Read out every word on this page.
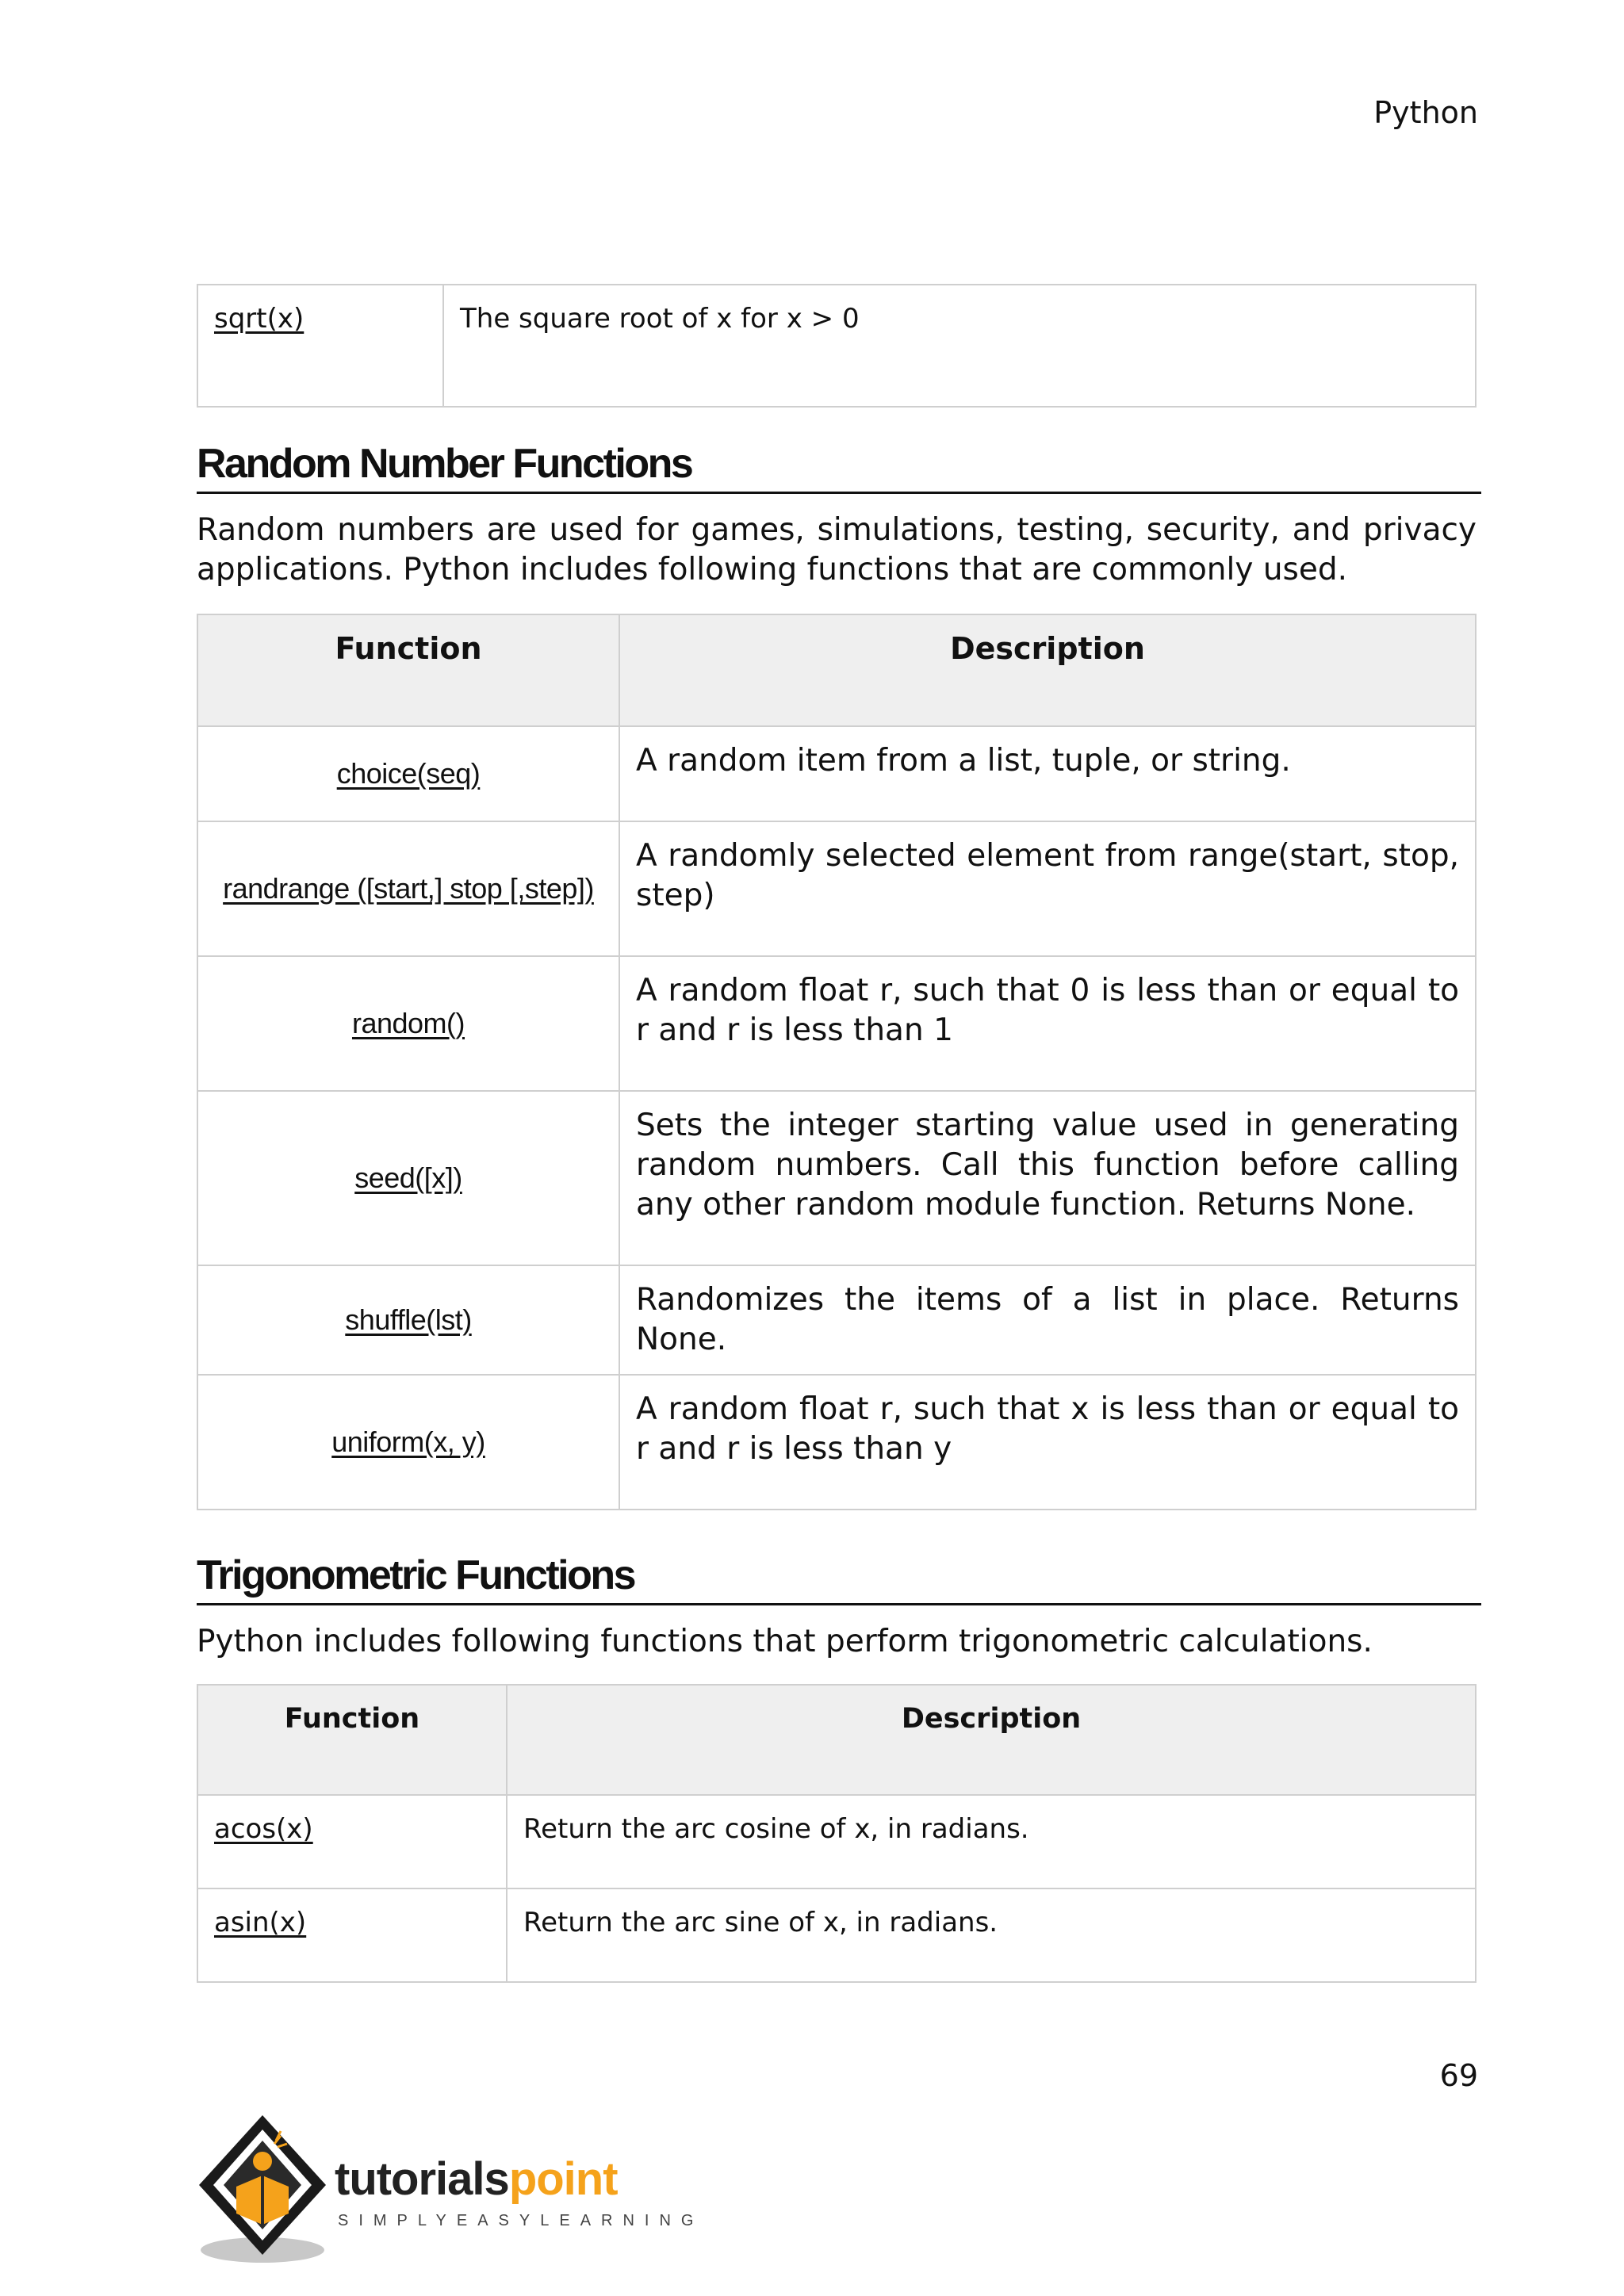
Python
sqrt(x)	The square root of x for x > 0
Random Number Functions
Random numbers are used for games, simulations, testing, security, and privacy applications. Python includes following functions that are commonly used.
Function	Description
choice(seq)	A random item from a list, tuple, or string.
randrange ([start,] stop [,step])	A randomly selected element from range(start, stop, step)
random()	A random float r, such that 0 is less than or equal to r and r is less than 1
seed([x])	Sets the integer starting value used in generating random numbers. Call this function before calling any other random module function. Returns None.
shuffle(lst)	Randomizes the items of a list in place. Returns None.
uniform(x, y)	A random float r, such that x is less than or equal to r and r is less than y
Trigonometric Functions
Python includes following functions that perform trigonometric calculations.
Function	Description
acos(x)	Return the arc cosine of x, in radians.
asin(x)	Return the arc sine of x, in radians.
69
tutorialspoint
SIMPLYEASYLEARNING
